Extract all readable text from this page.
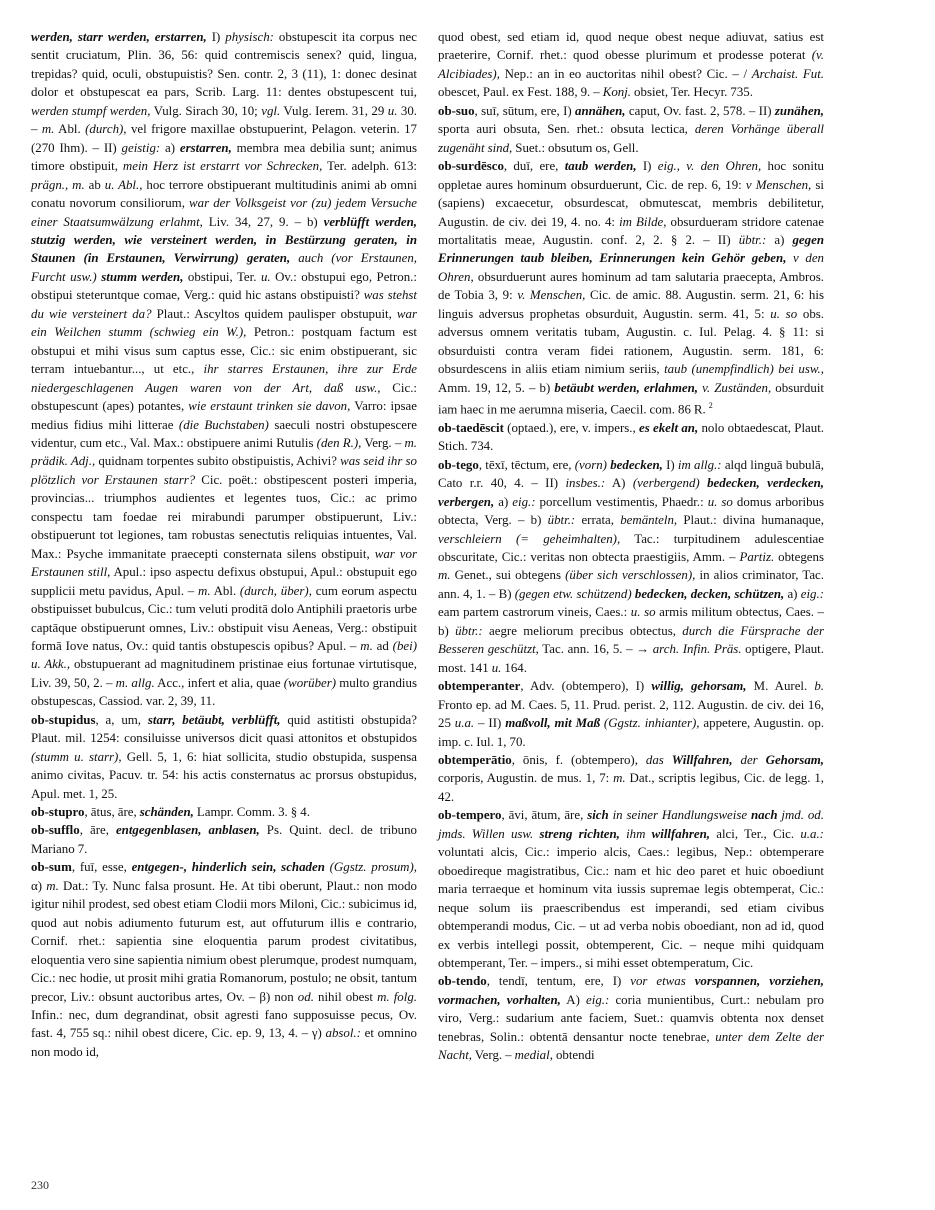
werden, starr werden, erstarren, I) physisch: obstupescit ita corpus nec sentit cruciatum, Plin. 36, 56: quid contremiscis senex? quid, lingua, trepidas? quid, oculi, obstupuistis? Sen. contr. 2, 3 (11), 1: donec desinat dolor et obstupescat ea pars, Scrib. Larg. 11: dentes obstupescent tui, werden stumpf werden, Vulg. Sirach 30, 10; vgl. Vulg. Ierem. 31, 29 u. 30. – m. Abl. (durch), vel frigore maxillae obstupuerint, Pelagon. veterin. 17 (270 Ihm). – II) geistig: a) erstarren, membra mea debilia sunt; animus timore obstipuit, mein Herz ist erstarrt vor Schrecken, Ter. adelph. 613: prägn., m. ab u. Abl., hoc terrore obstipuerant multitudinis animi ab omni conatu novorum consiliorum, war der Volksgeist vor (zu) jedem Versuche einer Staatsumwälzung erlahmt, Liv. 34, 27, 9. – b) verblüfft werden, stutzig werden, wie versteinert werden, in Bestürzung geraten, in Staunen (in Erstaunen, Verwirrung) geraten, auch (vor Erstaunen, Furcht usw.) stumm werden, obstipui, Ter. u. Ov.: obstupui ego, Petron.: obstipui steteruntque comae, Verg.: quid hic astans obstipuisti? was stehst du wie versteinert da? Plaut.: Ascyltos quidem paulisper obstupuit, war ein Weilchen stumm (schwieg ein W.), Petron.: postquam factum est obstupui et mihi visus sum captus esse, Cic.: sic enim obstipuerant, sic terram intuebantur..., ut etc., ihr starres Erstaunen, ihre zur Erde niedergeschlagenen Augen waren von der Art, daß usw., Cic.: obstupescunt (apes) potantes, wie erstaunt trinken sie davon, Varro: ipsae medius fidius mihi litterae (die Buchstaben) saeculi nostri obstupescere videntur, cum etc., Val. Max.: obstipuere animi Rutulis (den R.), Verg. – m. prädik. Adj., quidnam torpentes subito obstipuistis, Achivi? was seid ihr so plötzlich vor Erstaunen starr? Cic. poët.: obstipescent posteri imperia, provincias... triumphos audientes et legentes tuos, Cic.: ac primo conspectu tam foedae rei mirabundi parumper obstipuerunt, Liv.: obstipuerunt tot legiones, tam robustas senectutis reliquias intuentes, Val. Max.: Psyche immanitate praecepti consternata silens obstipuit, war vor Erstaunen still, Apul.: ipso aspectu defixus obstupui, Apul.: obstupuit ego supplicii metu pavidus, Apul. – m. Abl. (durch, über), cum eorum aspectu obstipuisset bubulcus, Cic.: tum veluti proditā dolo Antiphili praetoris urbe captāque obstipuerunt omnes, Liv.: obstipuit visu Aeneas, Verg.: obstipuit formā Iove natus, Ov.: quid tantis obstupescis opibus? Apul. – m. ad (bei) u. Akk., obstupuerant ad magnitudinem pristinae eius fortunae virtutisque, Liv. 39, 50, 2. – m. allg. Acc., infert et alia, quae (worüber) multo grandius obstupescas, Cassiod. var. 2, 39, 11.

ob-stupidus, a, um, starr, betäubt, verblüfft, quid astitisti obstupida? Plaut. mil. 1254: consiluisse universos dicit quasi attonitos et obstupidos (stumm u. starr), Gell. 5, 1, 6: hiat sollicita, studio obstupida, suspensa animo civitas, Pacuv. tr. 54: his actis consternatus ac prorsus obstupidus, Apul. met. 1, 25.

ob-stupro, ātus, āre, schänden, Lampr. Comm. 3. § 4.

ob-sufflo, āre, entgegenblasen, anblasen, Ps. Quint. decl. de tribuno Mariano 7.

ob-sum, fuī, esse, entgegen-, hinderlich sein, schaden (Ggstz. prosum), α) m. Dat.: Ty. Nunc falsa prosunt. He. At tibi oberunt, Plaut.: non modo igitur nihil prodest, sed obest etiam Clodii mors Miloni, Cic.: subicimus id, quod aut nobis adiumento futurum est, aut offuturum illis e contrario, Cornif. rhet.: sapientia sine eloquentia parum prodest civitatibus, eloquentia vero sine sapientia nimium obest plerumque, prodest numquam, Cic.: nec hodie, ut prosit mihi gratia Romanorum, postulo; ne obsit, tantum precor, Liv.: obsunt auctoribus artes, Ov. – β) non od. nihil obest m. folg. Infin.: nec, dum degrandinat, obsit agresti fano supposuisse pecus, Ov. fast. 4, 755 sq.: nihil obest dicere, Cic. ep. 9, 13, 4. – γ) absol.: et omnino non modo id,

quod obest, sed etiam id, quod neque obest neque adiuvat, satius est praeterire, Cornif. rhet.: quod obesse plurimum et prodesse poterat (v. Alcibiades), Nep.: an in eo auctoritas nihil obest? Cic. – / Archaist. Fut. obescet, Paul. ex Fest. 188, 9. – Konj. obsiet, Ter. Hecyr. 735.

ob-suo, suī, sūtum, ere, I) annähen, caput, Ov. fast. 2, 578. – II) zunähen, sporta auri obsuta, Sen. rhet.: obsuta lectica, deren Vorhänge überall zugenäht sind, Suet.: obsutum os, Gell.

ob-surdēsco, duī, ere, taub werden, I) eig., v. den Ohren, hoc sonitu oppletae aures hominum obsurduerunt, Cic. de rep. 6, 19: v Menschen, si (sapiens) excaecetur, obsurdescat, obmutescat, membris debilitetur, Augustin. de civ. dei 19, 4. no. 4: im Bilde, obsurdueram stridore catenae mortalitatis meae, Augustin. conf. 2, 2. § 2. – II) übtr.: a) gegen Erinnerungen taub bleiben, Erinnerungen kein Gehör geben, v den Ohren, obsurduerunt aures hominum ad tam salutaria praecepta, Ambros. de Tobia 3, 9: v. Menschen, Cic. de amic. 88. Augustin. serm. 21, 6: his linguis adversus prophetas obsurduit, Augustin. serm. 41, 5: u. so obs. adversus omnem veritatis tubam, Augustin. c. Iul. Pelag. 4. § 11: si obsurduisti contra veram fidei rationem, Augustin. serm. 181, 6: obsurdescens in aliis etiam nimium seriis, taub (unempfindlich) bei usw., Amm. 19, 12, 5. – b) betäubt werden, erlahmen, v. Zuständen, obsurduit iam haec in me aerumna miseria, Caecil. com. 86 R. $^2$

ob-taedēscit (optaed.), ere, v. impers., es ekelt an, nolo obtaedescat, Plaut. Stich. 734.

ob-tego, tēxī, tēctum, ere, (vorn) bedecken, I) im allg.: alqd linguā bubulā, Cato r.r. 40, 4. – II) insbes.: A) (verbergend) bedecken, verdecken, verbergen, a) eig.: porcellum vestimentis, Phaedr.: u. so domus arboribus obtecta, Verg. – b) übtr.: errata, bemänteln, Plaut.: divina humanaque, verschleiern (= geheimhalten), Tac.: turpitudinem adulescentiae obscuritate, Cic.: veritas non obtecta praestigiis, Amm. – Partiz. obtegens m. Genet., sui obtegens (über sich verschlossen), in alios criminator, Tac. ann. 4, 1. – B) (gegen etw. schützend) bedecken, decken, schützen, a) eig.: eam partem castrorum vineis, Caes.: u. so armis militum obtectus, Caes. – b) übtr.: aegre meliorum precibus obtectus, durch die Fürsprache der Besseren geschützt, Tac. ann. 16, 5. – → arch. Infin. Präs. optigere, Plaut. most. 141 u. 164.

obtemperanter, Adv. (obtempero), I) willig, gehorsam, M. Aurel. b. Fronto ep. ad M. Caes. 5, 11. Prud. perist. 2, 112. Augustin. de civ. dei 16, 25 u.a. – II) maßvoll, mit Maß (Ggstz. inhianter), appetere, Augustin. op. imp. c. Iul. 1, 70.

obtemperātio, ōnis, f. (obtempero), das Willfahren, der Gehorsam, corporis, Augustin. de mus. 1, 7: m. Dat., scriptis legibus, Cic. de legg. 1, 42.

ob-tempero, āvi, ātum, āre, sich in seiner Handlungsweise nach jmd. od. jmds. Willen usw. streng richten, ihm willfahren, alci, Ter., Cic. u.a.: voluntati alcis, Cic.: imperio alcis, Caes.: legibus, Nep.: obtemperare oboedireque magistratibus, Cic.: nam et hic deo paret et huic oboediunt maria terraeque et hominum vita iussis supremae legis obtemperat, Cic.: neque solum iis praescribendus est imperandi, sed etiam civibus obtemperandi modus, Cic. – ut ad verba nobis oboediant, non ad id, quod ex verbis intellegi possit, obtemperent, Cic. – neque mihi quidquam obtemperant, Ter. – impers., si mihi esset obtemperatum, Cic.

ob-tendo, tendī, tentum, ere, I) vor etwas vorspannen, vorziehen, vormachen, vorhalten, A) eig.: coria munientibus, Curt.: nebulam pro viro, Verg.: sudarium ante faciem, Suet.: quamvis obtenta nox denset tenebras, Solin.: obtentā densantur nocte tenebrae, unter dem Zelte der Nacht, Verg. – medial, obtendi

230
